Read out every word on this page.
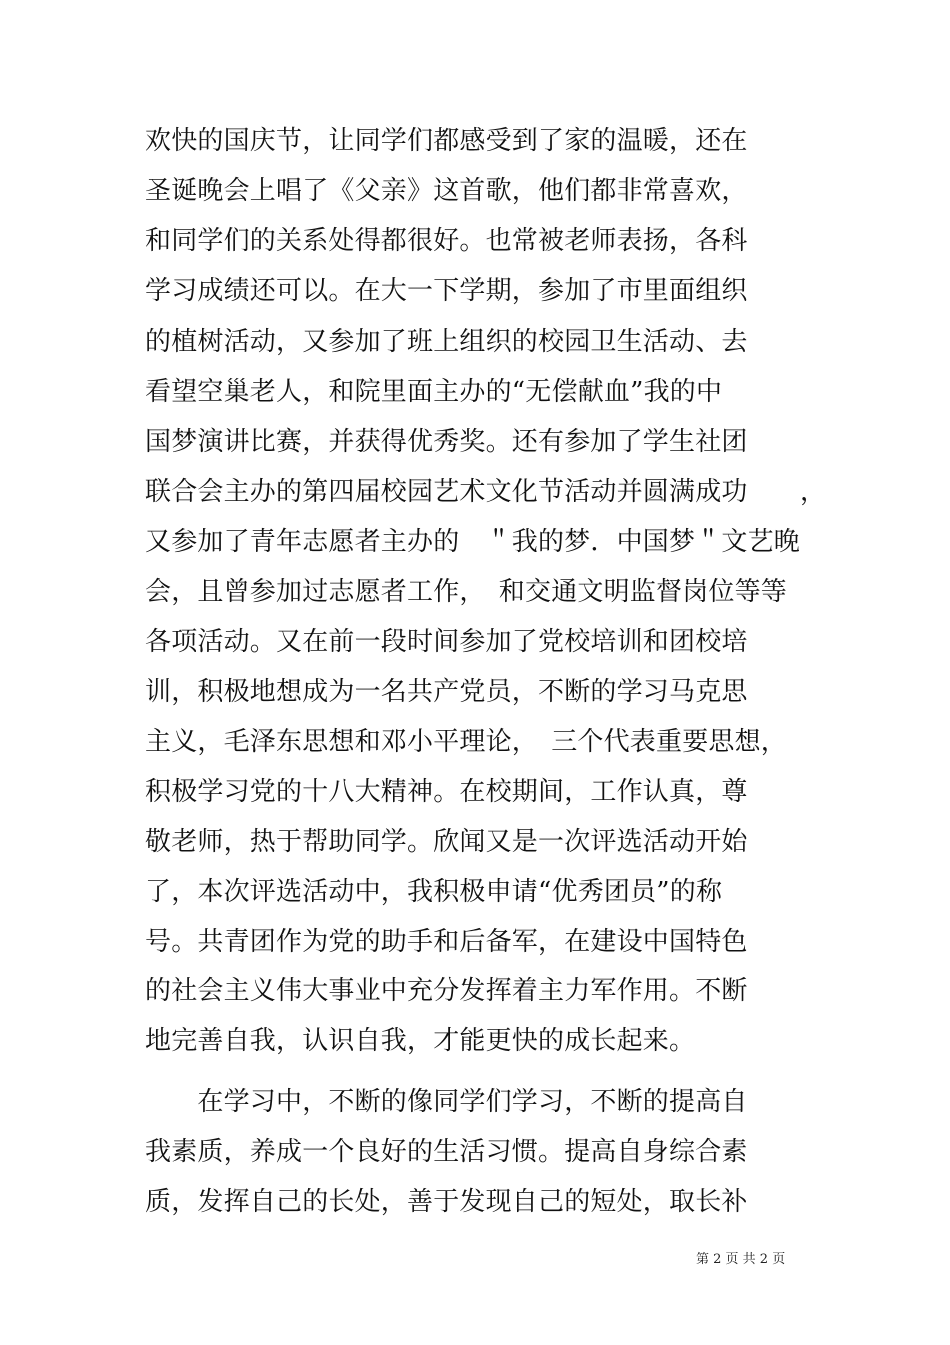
欢快的国庆节，让同学们都感受到了家的温暖，还在
圣诞晚会上唱了《父亲》这首歌，他们都非常喜欢，
和同学们的关系处得都很好。也常被老师表扬，各科
学习成绩还可以。在大一下学期，参加了市里面组织
的植树活动，又参加了班上组织的校园卫生活动、去
看望空巢老人，和院里面主办的“无偿献血”我的中
国梦演讲比赛，并获得优秀奖。还有参加了学生社团
联合会主办的第四届校园艺术文化节活动并圆满成功　　，
又参加了青年志愿者主办的　＂我的梦．中国梦＂文艺晚
会，且曾参加过志愿者工作，　和交通文明监督岗位等等
各项活动。又在前一段时间参加了党校培训和团校培
训，积极地想成为一名共产党员，不断的学习马克思
主义，毛泽东思想和邓小平理论，　三个代表重要思想，
积极学习党的十八大精神。在校期间，工作认真，尊
敬老师，热于帮助同学。欣闻又是一次评选活动开始
了，本次评选活动中，我积极申请“优秀团员”的称
号。共青团作为党的助手和后备军，在建设中国特色
的社会主义伟大事业中充分发挥着主力军作用。不断
地完善自我，认识自我，才能更快的成长起来。
　　在学习中，不断的像同学们学习，不断的提高自
我素质，养成一个良好的生活习惯。提高自身综合素
质，发挥自己的长处，善于发现自己的短处，取长补
第 2 页 共 2 页
